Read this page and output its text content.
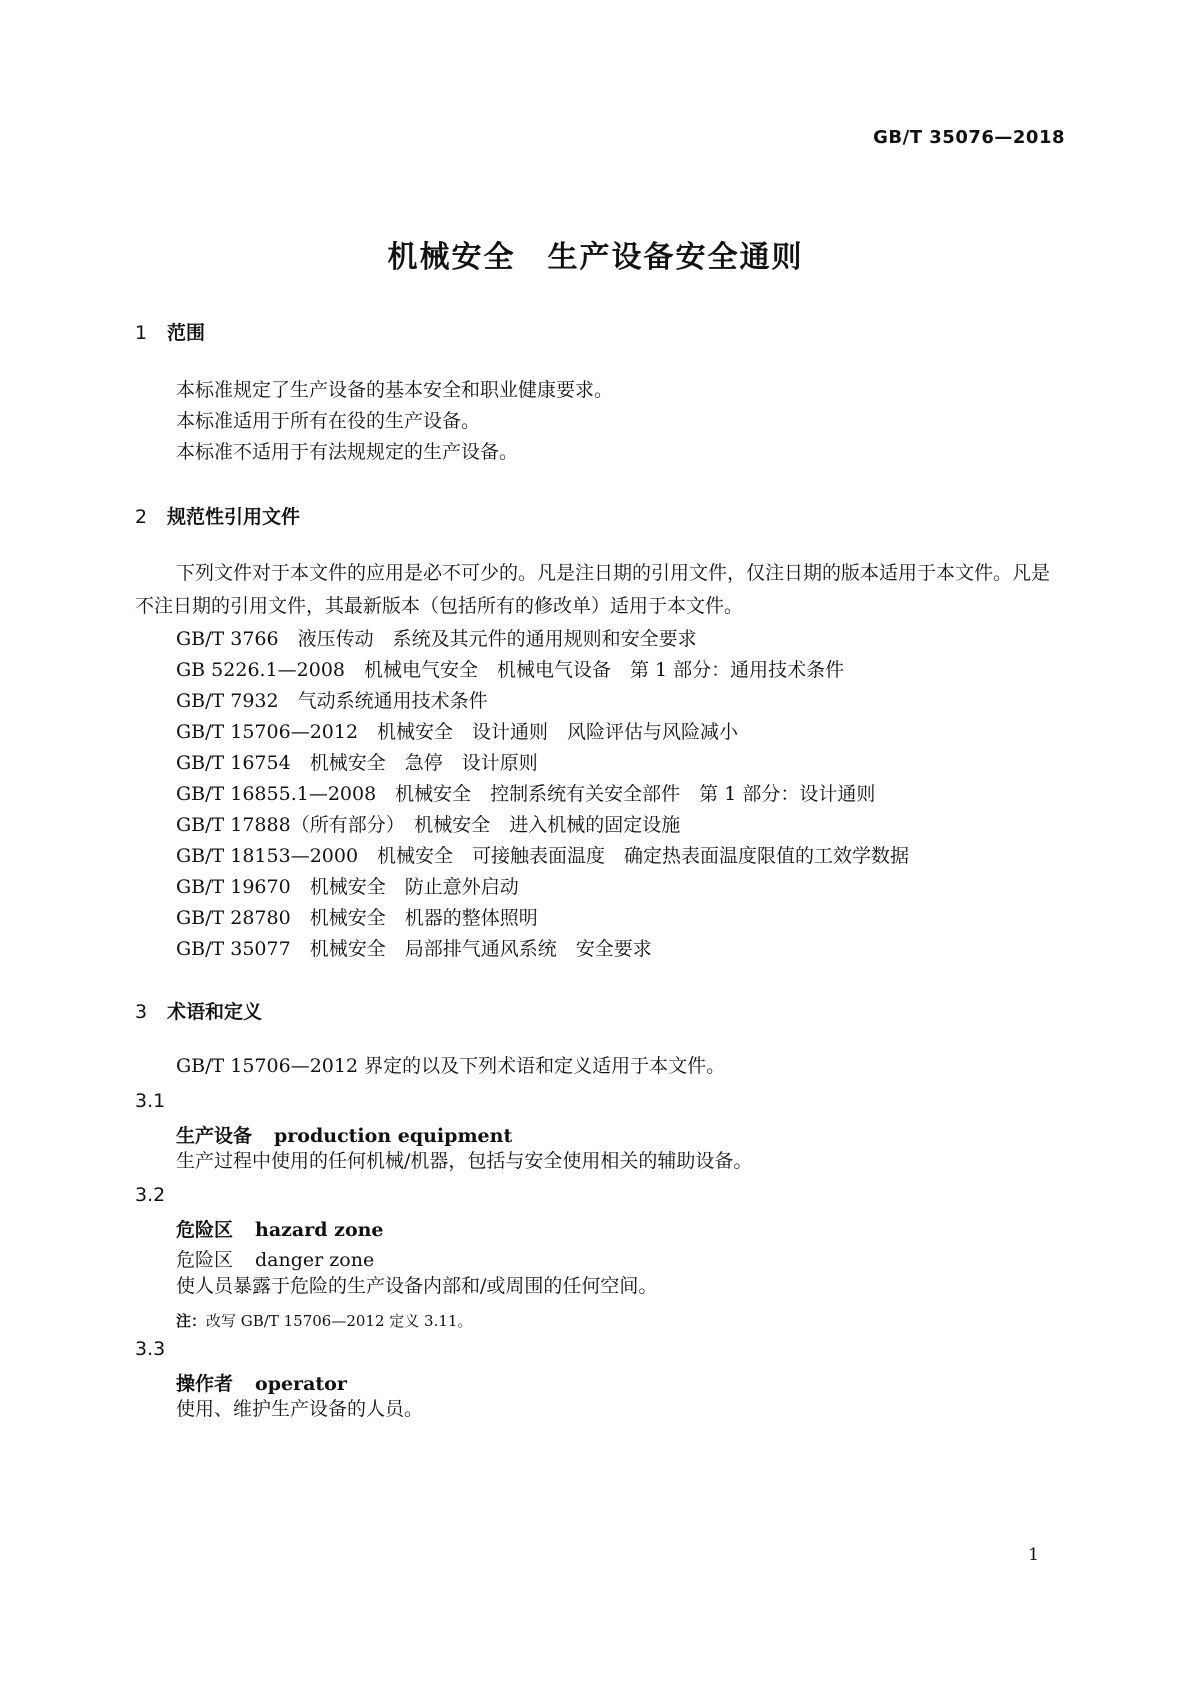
GB/T 35076—2018
机械安全　生产设备安全通则
1 范围
本标准规定了生产设备的基本安全和职业健康要求。
本标准适用于所有在役的生产设备。
本标准不适用于有法规规定的生产设备。
2 规范性引用文件
下列文件对于本文件的应用是必不可少的。凡是注日期的引用文件，仅注日期的版本适用于本文件。凡是不注日期的引用文件，其最新版本（包括所有的修改单）适用于本文件。
GB/T 3766　液压传动　系统及其元件的通用规则和安全要求
GB 5226.1—2008　机械电气安全　机械电气设备　第 1 部分：通用技术条件
GB/T 7932　气动系统通用技术条件
GB/T 15706—2012　机械安全　设计通则　风险评估与风险减小
GB/T 16754　机械安全　急停　设计原则
GB/T 16855.1—2008　机械安全　控制系统有关安全部件　第 1 部分：设计通则
GB/T 17888（所有部分）　机械安全　进入机械的固定设施
GB/T 18153—2000　机械安全　可接触表面温度　确定热表面温度限值的工效学数据
GB/T 19670　机械安全　防止意外启动
GB/T 28780　机械安全　机器的整体照明
GB/T 35077　机械安全　局部排气通风系统　安全要求
3 术语和定义
GB/T 15706—2012 界定的以及下列术语和定义适用于本文件。
3.1
生产设备 production equipment
生产过程中使用的任何机械/机器，包括与安全使用相关的辅助设备。
3.2
危险区 hazard zone
危险区 danger zone
使人员暴露于危险的生产设备内部和/或周围的任何空间。
注：改写 GB/T 15706—2012 定义 3.11。
3.3
操作者 operator
使用、维护生产设备的人员。
1
